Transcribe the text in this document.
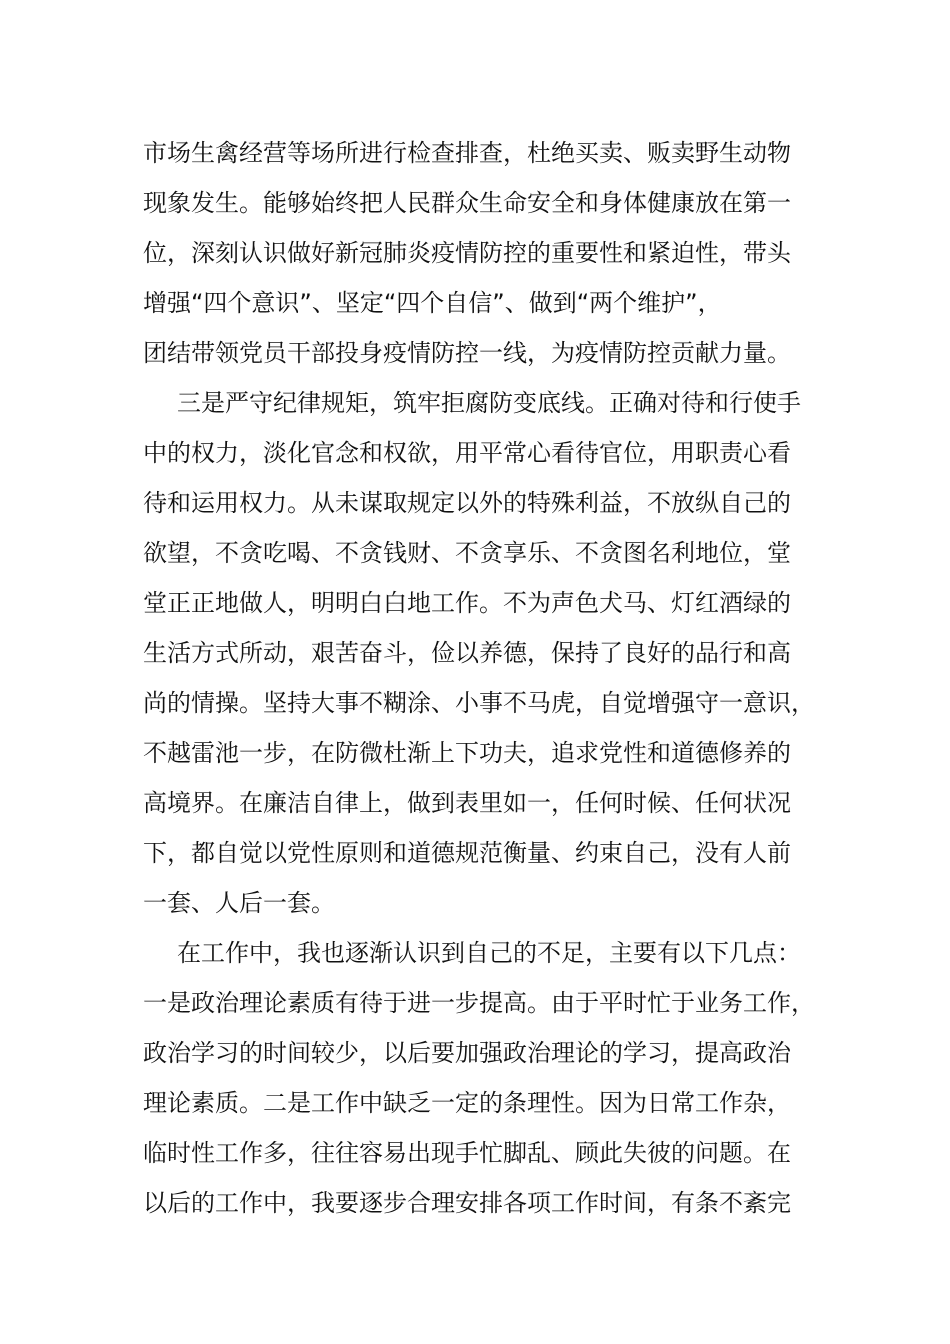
市场生禽经营等场所进行检查排查，杜绝买卖、贩卖野生动物
现象发生。能够始终把人民群众生命安全和身体健康放在第一
位，深刻认识做好新冠肺炎疫情防控的重要性和紧迫性，带头
增强“四个意识”、坚定“四个自信”、做到“两个维护”，
团结带领党员干部投身疫情防控一线，为疫情防控贡献力量。
三是严守纪律规矩，筑牢拒腐防变底线。正确对待和行使手
中的权力，淡化官念和权欲，用平常心看待官位，用职责心看
待和运用权力。从未谋取规定以外的特殊利益，不放纵自己的
欲望，不贪吃喝、不贪钱财、不贪享乐、不贪图名利地位，堂
堂正正地做人，明明白白地工作。不为声色犬马、灯红酒绿的
生活方式所动，艰苦奋斗，俭以养德，保持了良好的品行和高
尚的情操。坚持大事不糊涂、小事不马虎，自觉增强守一意识，
不越雷池一步，在防微杜渐上下功夫，追求党性和道德修养的
高境界。在廉洁自律上，做到表里如一，任何时候、任何状况
下，都自觉以党性原则和道德规范衡量、约束自己，没有人前
一套、人后一套。
在工作中，我也逐渐认识到自己的不足，主要有以下几点：
一是政治理论素质有待于进一步提高。由于平时忙于业务工作，
政治学习的时间较少，以后要加强政治理论的学习，提高政治
理论素质。二是工作中缺乏一定的条理性。因为日常工作杂，
临时性工作多，往往容易出现手忙脚乱、顾此失彼的问题。在
以后的工作中，我要逐步合理安排各项工作时间，有条不紊完
